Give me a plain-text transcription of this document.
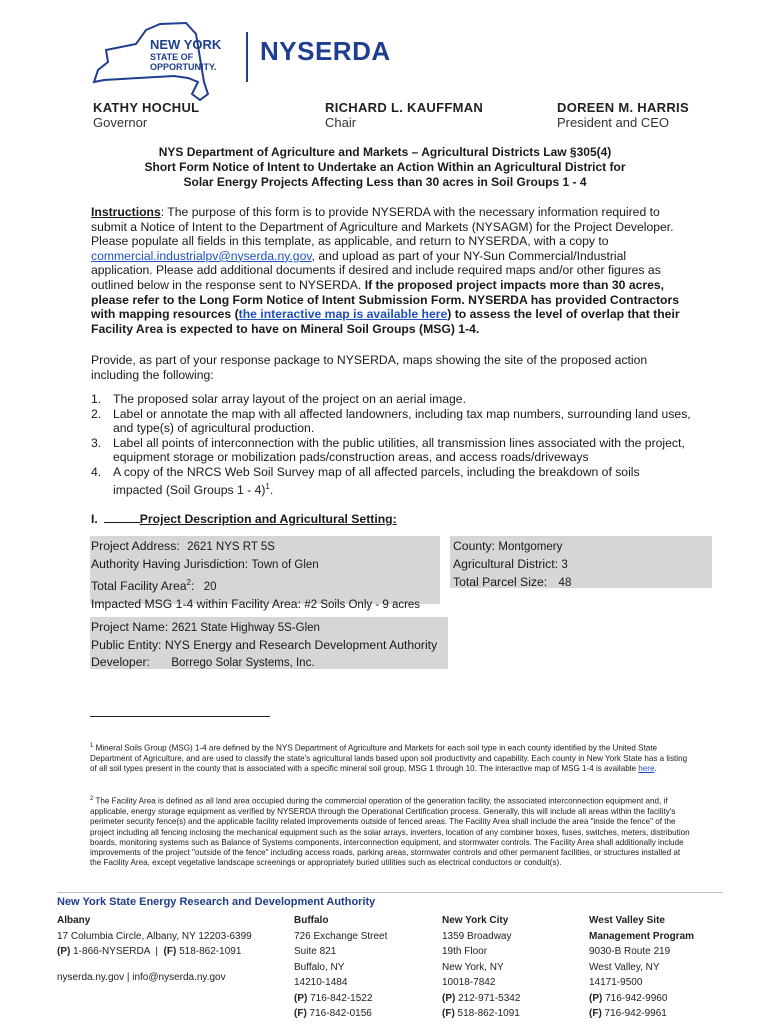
NEW YORK
STATE OF
OPPORTUNITY.
NYSERDA
KATHY HOCHUL
Governor
RICHARD L. KAUFFMAN
Chair
DOREEN M. HARRIS
President and CEO
NYS Department of Agriculture and Markets – Agricultural Districts Law §305(4)
Short Form Notice of Intent to Undertake an Action Within an Agricultural District for
Solar Energy Projects Affecting Less than 30 acres in Soil Groups 1 - 4
Instructions: The purpose of this form is to provide NYSERDA with the necessary information required to submit a Notice of Intent to the Department of Agriculture and Markets (NYSAGM) for the Project Developer. Please populate all fields in this template, as applicable, and return to NYSERDA, with a copy to commercial.industrialpv@nyserda.ny.gov, and upload as part of your NY-Sun Commercial/Industrial application. Please add additional documents if desired and include required maps and/or other figures as outlined below in the response sent to NYSERDA. If the proposed project impacts more than 30 acres, please refer to the Long Form Notice of Intent Submission Form. NYSERDA has provided Contractors with mapping resources (the interactive map is available here) to assess the level of overlap that their Facility Area is expected to have on Mineral Soil Groups (MSG) 1-4.
Provide, as part of your response package to NYSERDA, maps showing the site of the proposed action including the following:
1. The proposed solar array layout of the project on an aerial image.
2. Label or annotate the map with all affected landowners, including tax map numbers, surrounding land uses, and type(s) of agricultural production.
3. Label all points of interconnection with the public utilities, all transmission lines associated with the project, equipment storage or mobilization pads/construction areas, and access roads/driveways
4. A copy of the NRCS Web Soil Survey map of all affected parcels, including the breakdown of soils impacted (Soil Groups 1 - 4)$^1$.
I.	Project Description and Agricultural Setting:
Project Address: 2621 NYS RT 5S
Authority Having Jurisdiction: Town of Glen
Total Facility Area$^2$: 20
Impacted MSG 1-4 within Facility Area: #2 Soils Only - 9 acres
County: Montgomery
Agricultural District: 3
Total Parcel Size: 48
Project Name: 2621 State Highway 5S-Glen
Public Entity: NYS Energy and Research Development Authority
Developer: Borrego Solar Systems, Inc.
$^1$ Mineral Soils Group (MSG) 1-4 are defined by the NYS Department of Agriculture and Markets for each soil type in each county identified by the United State Department of Agriculture, and are used to classify the state's agricultural lands based upon soil productivity and capability. Each county in New York State has a listing of all soil types present in the county that is associated with a specific mineral soil group, MSG 1 through 10. The interactive map of MSG 1-4 is available here.
$^2$ The Facility Area is defined as all land area occupied during the commercial operation of the generation facility, the associated interconnection equipment and, if applicable, energy storage equipment as verified by NYSERDA through the Operational Certification process. Generally, this will include all areas within the facility's perimeter security fence(s) and the applicable facility related improvements outside of fenced areas. The Facility Area shall include the area "inside the fence" of the project including all fencing inclosing the mechanical equipment such as the solar arrays, inverters, location of any combiner boxes, fuses, switches, meters, distribution boards, monitoring systems such as Balance of Systems components, interconnection equipment, and stormwater controls. The Facility Area shall additionally include improvements of the project "outside of the fence" including access roads, parking areas, stormwater controls and other permanent facilities, or structures installed at the Facility Area, except vegetative landscape screenings or appropriately buried utilities such as electrical conductors or conduit(s).
New York State Energy Research and Development Authority
Albany
17 Columbia Circle, Albany, NY 12203-6399
(P) 1-866-NYSERDA  |  (F) 518-862-1091
nyserda.ny.gov | info@nyserda.ny.gov
Buffalo
726 Exchange Street
Suite 821
Buffalo, NY
14210-1484
(P) 716-842-1522
(F) 716-842-0156
New York City
1359 Broadway
19th Floor
New York, NY
10018-7842
(P) 212-971-5342
(F) 518-862-1091
West Valley Site
Management Program
9030-B Route 219
West Valley, NY
14171-9500
(P) 716-942-9960
(F) 716-942-9961
